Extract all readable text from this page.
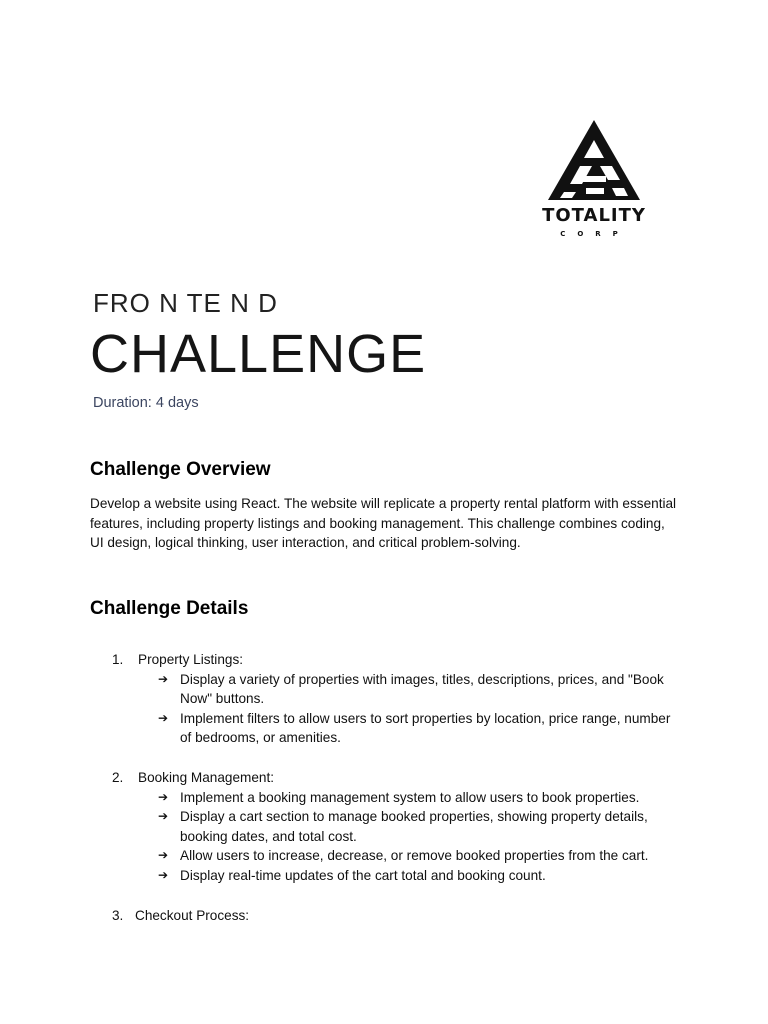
TOTALITY
CORP
FRO N TE N D
CHALLENGE
Duration: 4 days
Challenge Overview

Develop a website using React. The website will replicate a property rental platform with essential features, including property listings and booking management. This challenge combines coding, UI design, logical thinking, user interaction, and critical problem-solving.

Challenge Details
1.	Property Listings:
➔ Display a variety of properties with images, titles, descriptions, prices, and "Book Now" buttons.
➔ Implement filters to allow users to sort properties by location, price range, number of bedrooms, or amenities.
2.	Booking Management:
➔ Implement a booking management system to allow users to book properties.
➔ Display a cart section to manage booked properties, showing property details, booking dates, and total cost.
➔ Allow users to increase, decrease, or remove booked properties from the cart.
➔ Display real-time updates of the cart total and booking count.
3. Checkout Process:
